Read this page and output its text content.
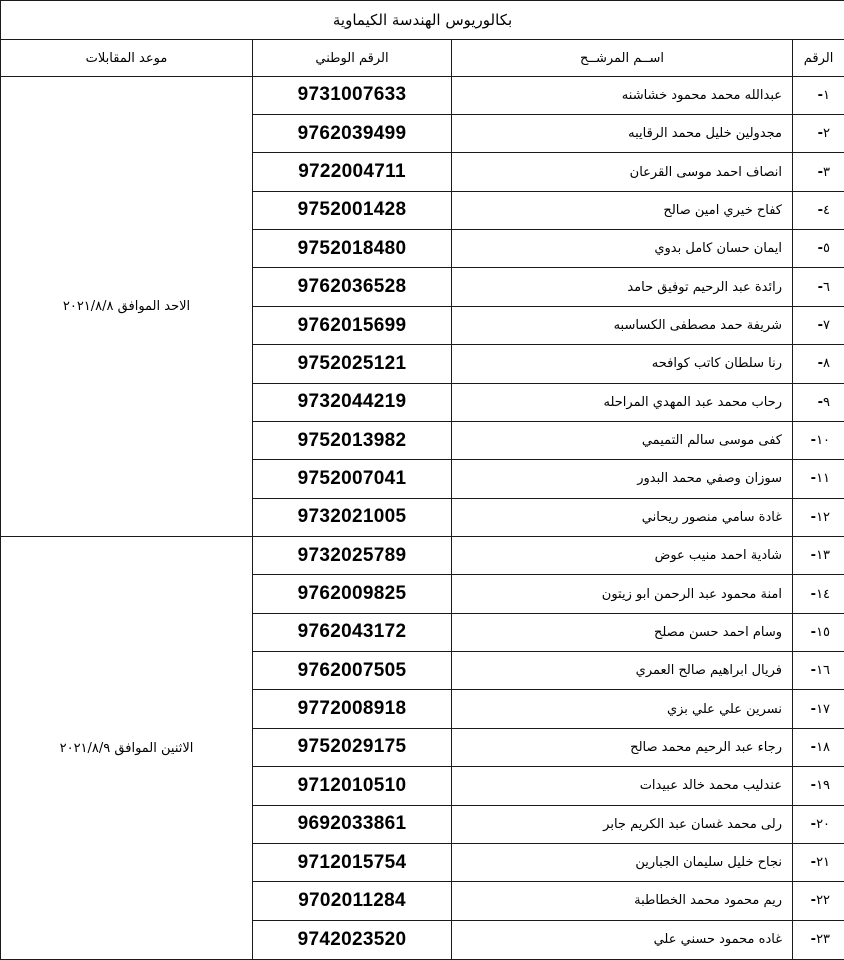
بكالوريوس الهندسة الكيماوية			
موعد المقابلات	الرقم الوطني	اســم المرشــح	الرقم
الاحد الموافق ٢٠٢١/٨/٨	9731007633	عبدالله محمد محمود خشاشنه	١-
	9762039499	مجدولين خليل محمد الرقايبه	٢-
	9722004711	انصاف احمد موسى القرعان	٣-
	9752001428	كفاح خيري امين صالح	٤-
	9752018480	ايمان حسان كامل بدوي	٥-
	9762036528	رائدة عبد الرحيم توفيق حامد	٦-
	9762015699	شريفة حمد مصطفى الكساسبه	٧-
	9752025121	رنا سلطان كاتب كوافحه	٨-
	9732044219	رحاب محمد عبد المهدي المراحله	٩-
	9752013982	كفى موسى سالم التميمي	١٠-
	9752007041	سوزان وصفي محمد البدور	١١-
	9732021005	غادة سامي منصور ريحاني	١٢-
الاثنين الموافق ٢٠٢١/٨/٩	9732025789	شادية احمد منيب عوض	١٣-
	9762009825	امنة محمود عبد الرحمن ابو زيتون	١٤-
	9762043172	وسام احمد حسن مصلح	١٥-
	9762007505	فريال ابراهيم صالح العمري	١٦-
	9772008918	نسرين علي علي بزي	١٧-
	9752029175	رجاء عبد الرحيم محمد صالح	١٨-
	9712010510	عندليب محمد خالد عبيدات	١٩-
	9692033861	رلى محمد غسان عبد الكريم جابر	٢٠-
	9712015754	نجاح خليل سليمان الجبارين	٢١-
	9702011284	ريم محمود محمد الخطاطبة	٢٢-
	9742023520	غاده محمود حسني علي	٢٣-
